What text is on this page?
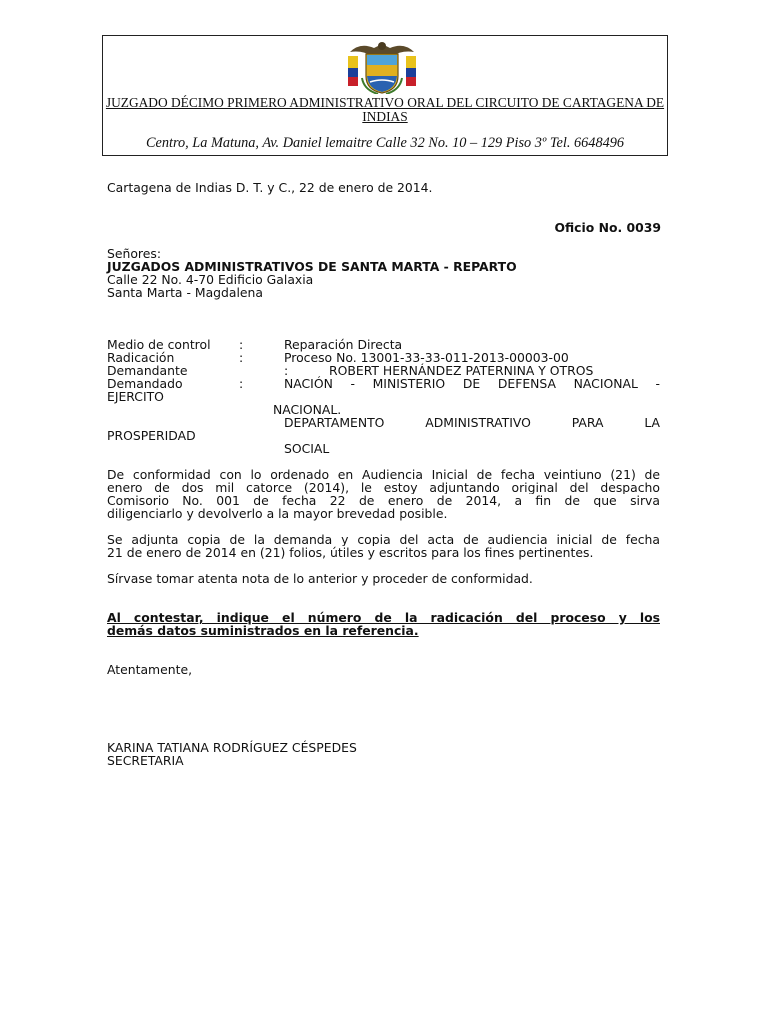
JUZGADO DÉCIMO PRIMERO ADMINISTRATIVO ORAL DEL CIRCUITO DE CARTAGENA DE INDIAS
Centro, La Matuna, Av. Daniel lemaitre Calle 32 No. 10 – 129 Piso 3º Tel. 6648496
Cartagena de Indias D. T. y C., 22 de enero de 2014.
Oficio No. 0039
Señores:
JUZGADOS ADMINISTRATIVOS DE SANTA MARTA - REPARTO
Calle 22 No. 4-70 Edificio Galaxia
Santa Marta - Magdalena
Medio de control :	Reparación Directa
Radicación	:	Proceso No. 13001-33-33-011-2013-00003-00
Demandante	:	ROBERT HERNÁNDEZ PATERNINA Y OTROS
Demandado	:	NACIÓN - MINISTERIO DE DEFENSA NACIONAL -
EJERCITO
NACIONAL.
DEPARTAMENTO ADMINISTRATIVO PARA LA
PROSPERIDAD
SOCIAL
De conformidad con lo ordenado en Audiencia Inicial de fecha veintiuno (21) de
enero de dos mil catorce (2014), le estoy adjuntando original del despacho
Comisorio No. 001 de fecha 22 de enero de 2014, a fin de que sirva
diligenciarlo y devolverlo a la mayor brevedad posible.
Se adjunta copia de la demanda y copia del acta de audiencia inicial de fecha
21 de enero de 2014 en (21) folios, útiles y escritos para los fines pertinentes.
Sírvase tomar atenta nota de lo anterior y proceder de conformidad.
Al contestar, indique el número de la radicación del proceso y los
demás datos suministrados en la referencia.
Atentamente,
KARINA TATIANA RODRÍGUEZ CÉSPEDES
SECRETARIA
